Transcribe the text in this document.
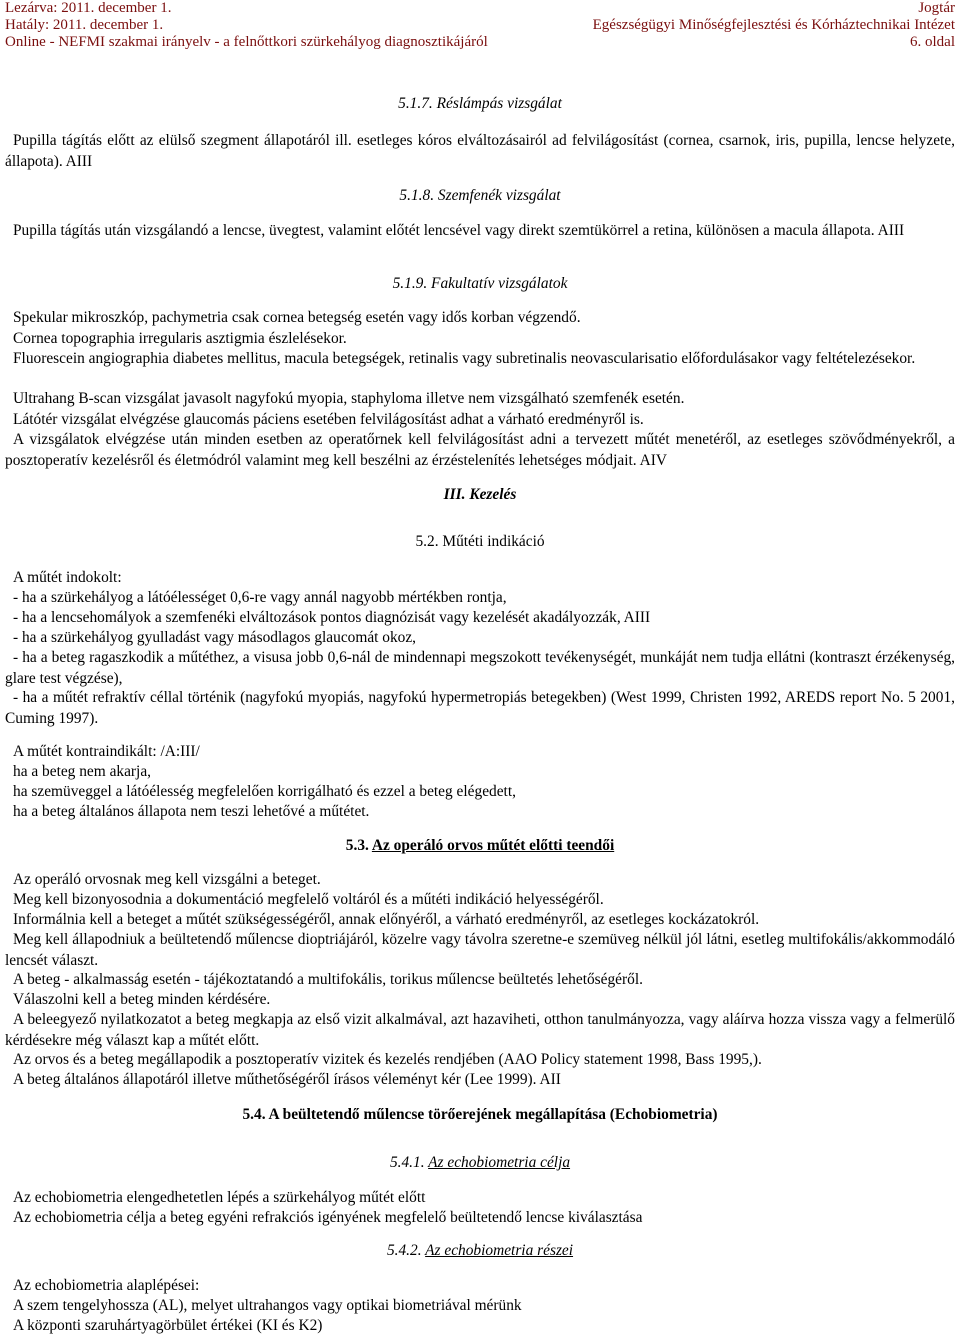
Lezárva: 2011. december 1.	Jogtár
Hatály: 2011. december 1.	Egészségügyi Minőségfejlesztési és Kórháztechnikai Intézet
Online - NEFMI szakmai irányelv - a felnőttkori szürkehályog diagnosztikájáról	6. oldal
5.1.7. Réslámpás vizsgálat
Pupilla tágítás előtt az elülső szegment állapotáról ill. esetleges kóros elváltozásairól ad felvilágosítást (cornea, csarnok, iris, pupilla, lencse helyzete, állapota). AIII
5.1.8. Szemfenék vizsgálat
Pupilla tágítás után vizsgálandó a lencse, üvegtest, valamint előtét lencsével vagy direkt szemtükörrel a retina, különösen a macula állapota. AIII
5.1.9. Fakultatív vizsgálatok
Spekular mikroszkóp, pachymetria csak cornea betegség esetén vagy idős korban végzendő.
Cornea topographia irregularis asztigmia észlelésekor.
Fluorescein angiographia diabetes mellitus, macula betegségek, retinalis vagy subretinalis neovascularisatio előfordulásakor vagy feltételezésekor.
Ultrahang B-scan vizsgálat javasolt nagyfokú myopia, staphyloma illetve nem vizsgálható szemfenék esetén.
Látótér vizsgálat elvégzése glaucomás páciens esetében felvilágosítást adhat a várható eredményről is.
A vizsgálatok elvégzése után minden esetben az operatőrnek kell felvilágosítást adni a tervezett műtét menetéről, az esetleges szövődményekről, a posztoperatív kezelésről és életmódról valamint meg kell beszélni az érzéstelenítés lehetséges módjait. AIV
III. Kezelés
5.2. Műtéti indikáció
A műtét indokolt:
- ha a szürkehályog a látóélességet 0,6-re vagy annál nagyobb mértékben rontja,
- ha a lencsehomályok a szemfenéki elváltozások pontos diagnózisát vagy kezelését akadályozzák, AIII
- ha a szürkehályog gyulladást vagy másodlagos glaucomát okoz,
- ha a beteg ragaszkodik a műtéthez, a visusa jobb 0,6-nál de mindennapi megszokott tevékenységét, munkáját nem tudja ellátni (kontraszt érzékenység, glare test végzése),
- ha a műtét refraktív céllal történik (nagyfokú myopiás, nagyfokú hypermetropiás betegekben) (West 1999, Christen 1992, AREDS report No. 5 2001, Cuming 1997).
A műtét kontraindikált: /A:III/
ha a beteg nem akarja,
ha szemüveggel a látóélesség megfelelően korrigálható és ezzel a beteg elégedett,
ha a beteg általános állapota nem teszi lehetővé a műtétet.
5.3. Az operáló orvos műtét előtti teendői
Az operáló orvosnak meg kell vizsgálni a beteget.
Meg kell bizonyosodnia a dokumentáció megfelelő voltáról és a műtéti indikáció helyességéről.
Informálnia kell a beteget a műtét szükségességéről, annak előnyéről, a várható eredményről, az esetleges kockázatokról.
Meg kell állapodniuk a beültetendő műlencse dioptriájáról, közelre vagy távolra szeretne-e szemüveg nélkül jól látni, esetleg multifokális/akkommodáló lencsét választ.
A beteg - alkalmasság esetén - tájékoztatandó a multifokális, torikus műlencse beültetés lehetőségéről.
Válaszolni kell a beteg minden kérdésére.
A beleegyező nyilatkozatot a beteg megkapja az első vizit alkalmával, azt hazaviheti, otthon tanulmányozza, vagy aláírva hozza vissza vagy a felmerülő kérdésekre még választ kap a műtét előtt.
Az orvos és a beteg megállapodik a posztoperatív vizitek és kezelés rendjében (AAO Policy statement 1998, Bass 1995,).
A beteg általános állapotáról illetve műthetőségéről írásos véleményt kér (Lee 1999). AII
5.4. A beültetendő műlencse törőerejének megállapítása (Echobiometria)
5.4.1. Az echobiometria célja
Az echobiometria elengedhetetlen lépés a szürkehályog műtét előtt
Az echobiometria célja a beteg egyéni refrakciós igényének megfelelő beültetendő lencse kiválasztása
5.4.2. Az echobiometria részei
Az echobiometria alaplépései:
A szem tengelyhossza (AL), melyet ultrahangos vagy optikai biometriával mérünk
A központi szaruhártyagörbület értékei (KI és K2)
